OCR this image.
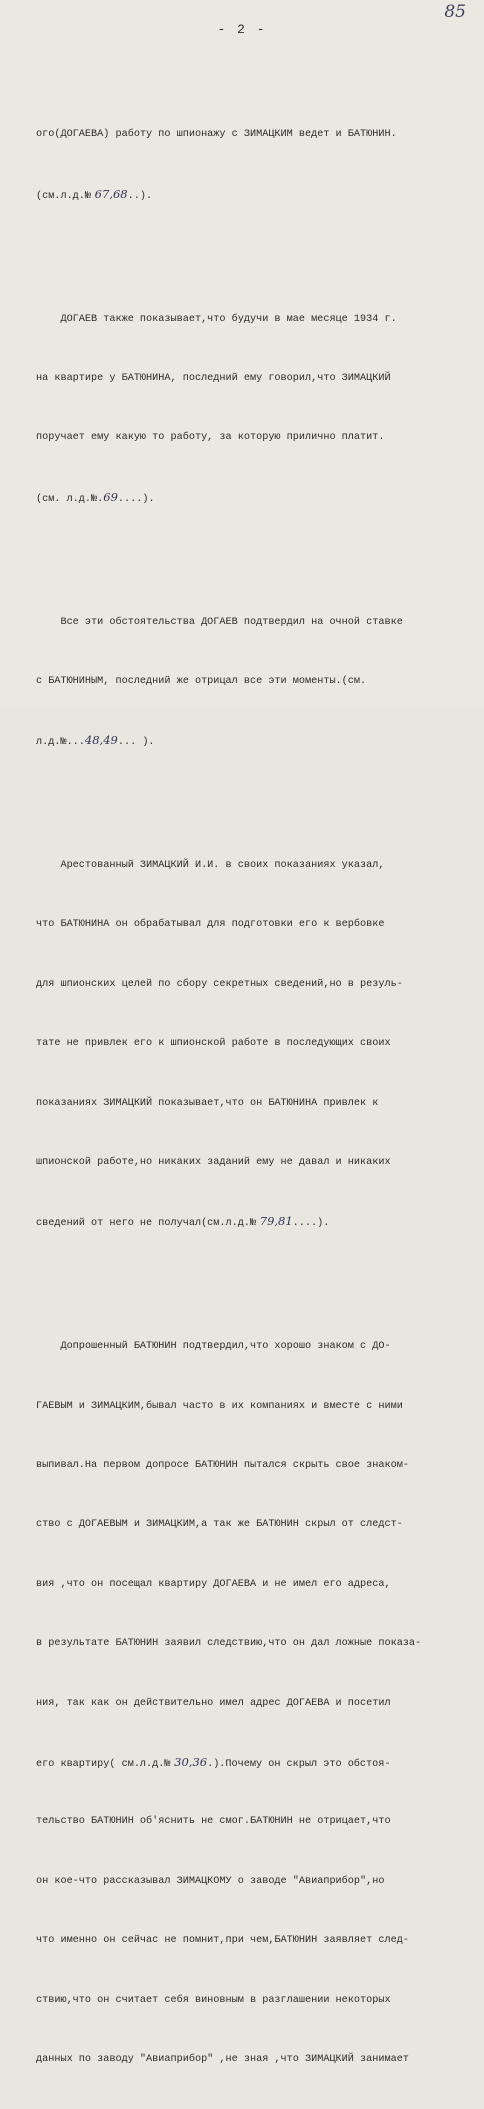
- 2 -
85

ого(ДОГАЕВА) работу по шпионажу с ЗИМАЦКИМ ведет и БАТЮНИН.

(см.л.д.№ 67,68..).

ДОГАЕВ также показывает,что будучи в мае месяце 1934 г.

на квартире у БАТЮНИНА, последний ему говорил,что ЗИМАЦКИЙ

поручает ему какую то работу, за которую прилично платит.

(см. л.д.№.69....).

Все эти обстоятельства ДОГАЕВ подтвердил на очной ставке

с БАТЮНИНЫМ, последний же отрицал все эти моменты.(см.

л.д.№...48,49... ).

Арестованный ЗИМАЦКИЙ И.И. в своих показаниях указал,

что БАТЮНИНА он обрабатывал для подготовки его к вербовке

для шпионских целей по сбору секретных сведений,но в резуль-

тате не привлек его к шпионской работе в последующих своих

показаниях ЗИМАЦКИЙ показывает,что он БАТЮНИНА привлек к

шпионской работе,но никаких заданий ему не давал и никаких

сведений от него не получал(см.л.д.№ 79,81....).

Допрошенный БАТЮНИН подтвердил,что хорошо знаком с ДО-

ГАЕВЫМ и ЗИМАЦКИМ,бывал часто в их компаниях и вместе с ними

выпивал.На первом допросе БАТЮНИН пытался скрыть свое знаком-

ство с ДОГАЕВЫМ и ЗИМАЦКИМ,а так же БАТЮНИН скрыл от следст-

вия ,что он посещал квартиру ДОГАЕВА и не имел его адреса,

в результате БАТЮНИН заявил следствию,что он дал ложные показа-

ния, так как он действительно имел адрес ДОГАЕВА и посетил

его квартиру( см.л.д.№ 30,36.).Почему он скрыл это обстоя-

тельство БАТЮНИН об'яснить не смог.БАТЮНИН не отрицает,что

он кое-что рассказывал ЗИМАЦКОМУ о заводе "Авиаприбор",но

что именно он сейчас не помнит,при чем,БАТЮНИН заявляет след-

ствию,что он считает себя виновным в разглашении некоторых

данных по заводу "Авиаприбор" ,не зная ,что ЗИМАЦКИЙ занимает
